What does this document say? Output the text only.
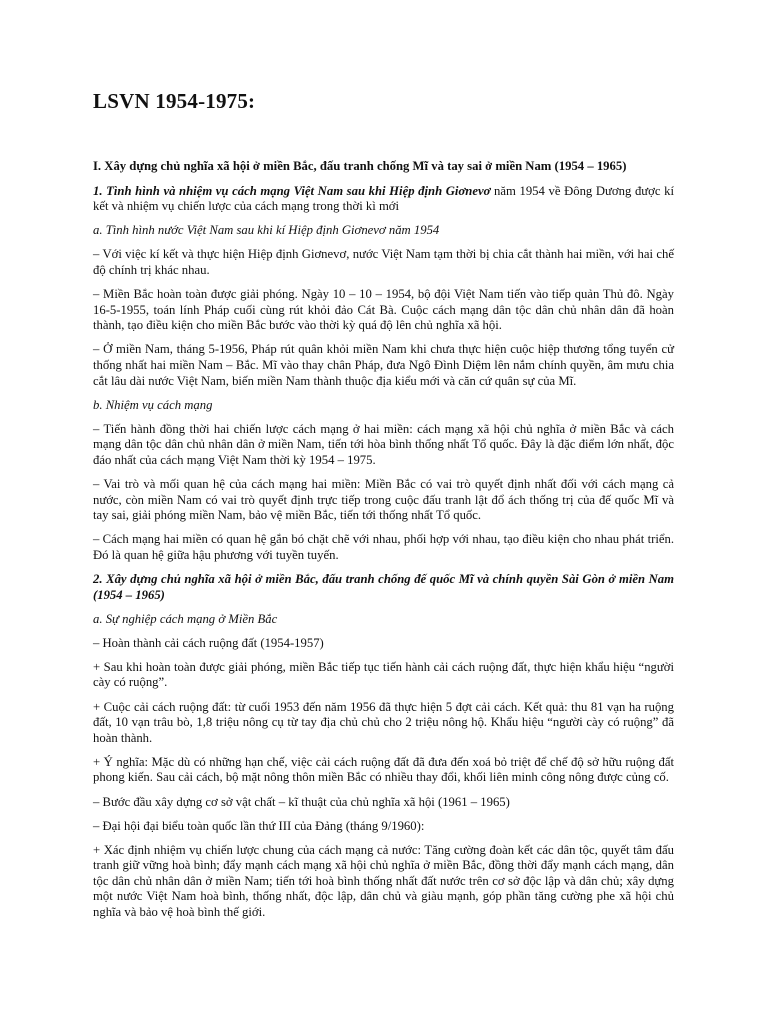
LSVN 1954-1975:

I. Xây dựng chủ nghĩa xã hội ở miền Bắc, đấu tranh chống Mĩ và tay sai ở miền Nam (1954 – 1965)

1. Tình hình và nhiệm vụ cách mạng Việt Nam sau khi Hiệp định Giơnevơ năm 1954 về Đông Dương được kí kết và nhiệm vụ chiến lược của cách mạng trong thời kì mới

a. Tình hình nước Việt Nam sau khi kí Hiệp định Giơnevơ năm 1954

– Với việc kí kết và thực hiện Hiệp định Giơnevơ, nước Việt Nam tạm thời bị chia cắt thành hai miền, với hai chế độ chính trị khác nhau.

– Miền Bắc hoàn toàn được giải phóng. Ngày 10 – 10 – 1954, bộ đội Việt Nam tiến vào tiếp quản Thủ đô. Ngày 16-5-1955, toán lính Pháp cuối cùng rút khỏi đảo Cát Bà. Cuộc cách mạng dân tộc dân chủ nhân dân đã hoàn thành, tạo điều kiện cho miền Bắc bước vào thời kỳ quá độ lên chủ nghĩa xã hội.

– Ở miền Nam, tháng 5-1956, Pháp rút quân khỏi miền Nam khi chưa thực hiện cuộc hiệp thương tổng tuyển cử thống nhất hai miền Nam – Bắc. Mĩ vào thay chân Pháp, đưa Ngô Đình Diệm lên nắm chính quyền, âm mưu chia cắt lâu dài nước Việt Nam, biến miền Nam thành thuộc địa kiểu mới và căn cứ quân sự của Mĩ.

b. Nhiệm vụ cách mạng

– Tiến hành đồng thời hai chiến lược cách mạng ở hai miền: cách mạng xã hội chủ nghĩa ở miền Bắc và cách mạng dân tộc dân chủ nhân dân ở miền Nam, tiến tới hòa bình thống nhất Tổ quốc. Đây là đặc điểm lớn nhất, độc đáo nhất của cách mạng Việt Nam thời kỳ 1954 – 1975.

– Vai trò và mối quan hệ của cách mạng hai miền: Miền Bắc có vai trò quyết định nhất đối với cách mạng cả nước, còn miền Nam có vai trò quyết định trực tiếp trong cuộc đấu tranh lật đổ ách thống trị của đế quốc Mĩ và tay sai, giải phóng miền Nam, bảo vệ miền Bắc, tiến tới thống nhất Tổ quốc.

– Cách mạng hai miền có quan hệ gắn bó chặt chẽ với nhau, phối hợp với nhau, tạo điều kiện cho nhau phát triển. Đó là quan hệ giữa hậu phương với tuyền tuyến.

2. Xây dựng chủ nghĩa xã hội ở miền Bắc, đấu tranh chống đế quốc Mĩ và chính quyền Sài Gòn ở miền Nam (1954 – 1965)

a. Sự nghiệp cách mạng ở Miền Bắc

– Hoàn thành cải cách ruộng đất (1954-1957)

+ Sau khi hoàn toàn được giải phóng, miền Bắc tiếp tục tiến hành cải cách ruộng đất, thực hiện khẩu hiệu “người cày có ruộng”.

+ Cuộc cải cách ruộng đất: từ cuối 1953 đến năm 1956 đã thực hiện 5 đợt cải cách. Kết quả: thu 81 vạn ha ruộng đất, 10 vạn trâu bò, 1,8 triệu nông cụ từ tay địa chủ chủ cho 2 triệu nông hộ. Khẩu hiệu “người cày có ruộng” đã hoàn thành.

+ Ý nghĩa: Mặc dù có những hạn chế, việc cải cách ruộng đất đã đưa đến xoá bỏ triệt để chế độ sở hữu ruộng đất phong kiến. Sau cải cách, bộ mặt nông thôn miền Bắc có nhiều thay đổi, khối liên minh công nông được củng cố.

– Bước đầu xây dựng cơ sở vật chất – kĩ thuật của chủ nghĩa xã hội (1961 – 1965)

– Đại hội đại biểu toàn quốc lần thứ III của Đảng (tháng 9/1960):

+ Xác định nhiệm vụ chiến lược chung của cách mạng cả nước: Tăng cường đoàn kết các dân tộc, quyết tâm đấu tranh giữ vững hoà bình; đẩy mạnh cách mạng xã hội chủ nghĩa ở miền Bắc, đồng thời đẩy mạnh cách mạng, dân tộc dân chủ nhân dân ở miền Nam; tiến tới hoà bình thống nhất đất nước trên cơ sở độc lập và dân chủ; xây dựng một nước Việt Nam hoà bình, thống nhất, độc lập, dân chủ và giàu mạnh, góp phần tăng cường phe xã hội chủ nghĩa và bảo vệ hoà bình thế giới.
